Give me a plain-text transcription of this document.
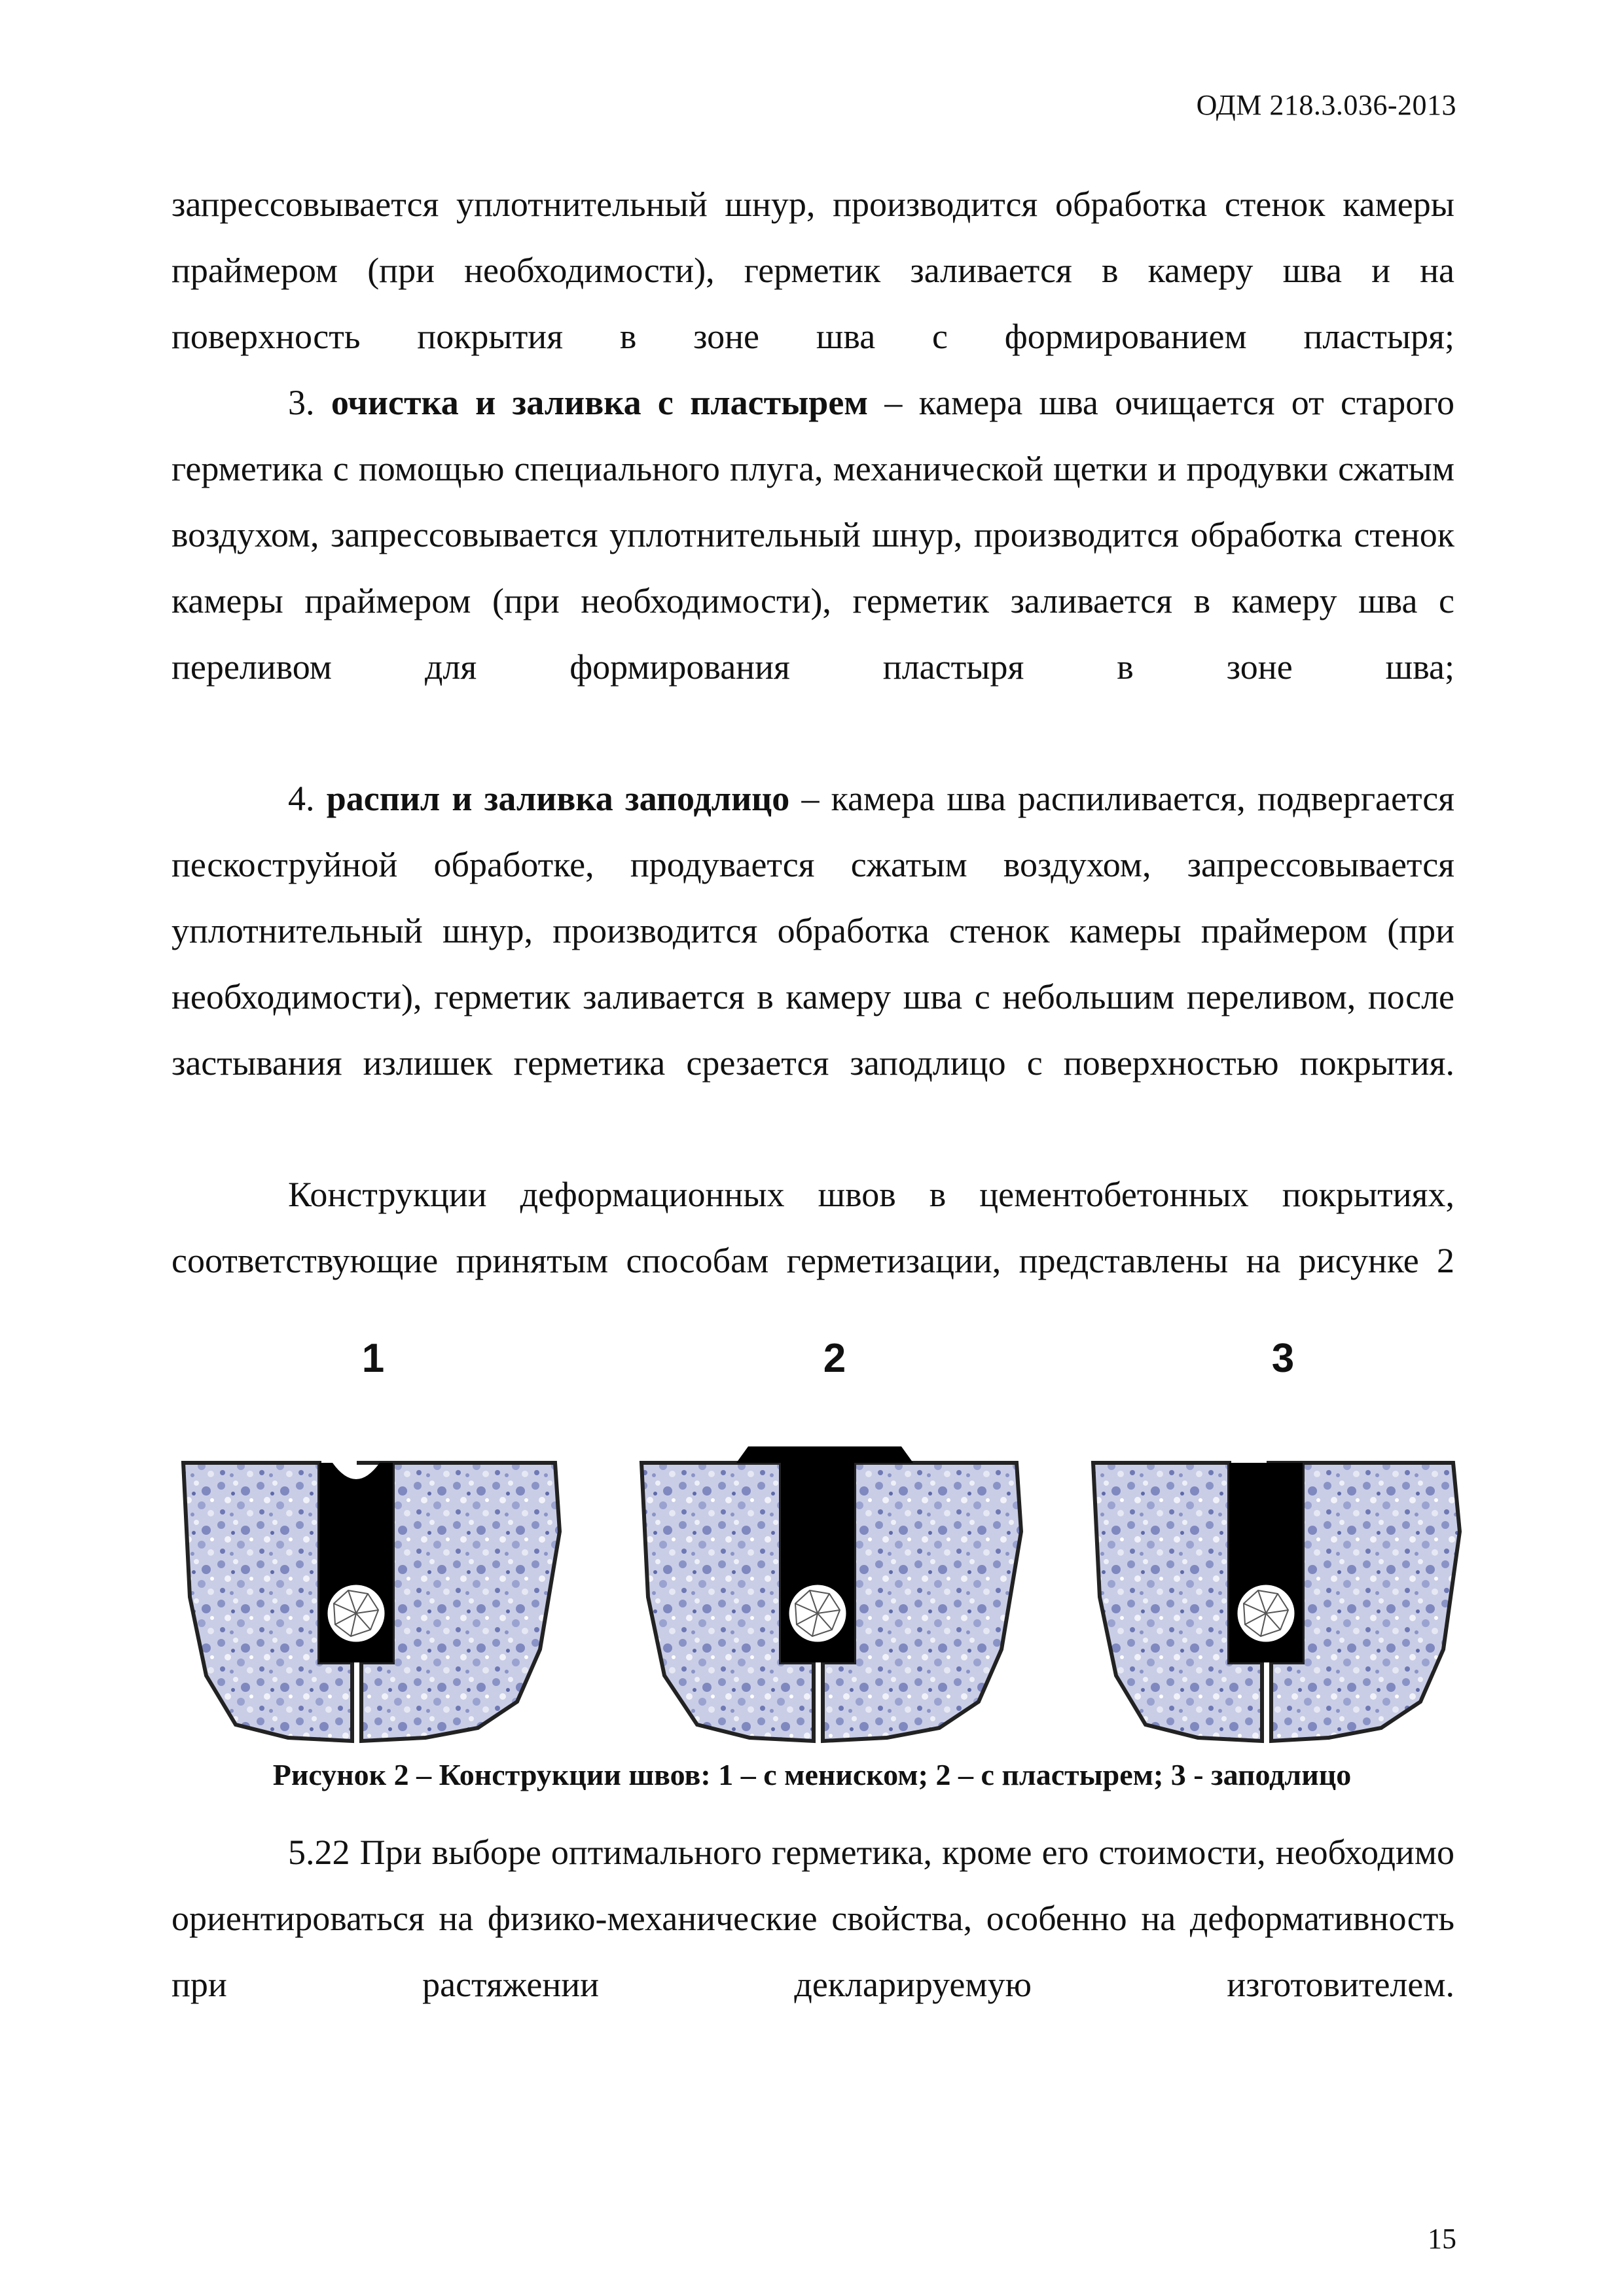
ОДМ 218.3.036-2013
запрессовывается уплотнительный шнур, производится обработка стенок камеры праймером (при необходимости), герметик заливается в камеру шва и на поверхность покрытия в зоне шва с формированием пластыря;
3. очистка и заливка с пластырем – камера шва очищается от старого герметика с помощью специального плуга, механической щетки и продувки сжатым воздухом, запрессовывается уплотнительный шнур, производится обработка стенок камеры праймером (при необходимости), герметик заливается в камеру шва с переливом для формирования пластыря в зоне шва;
4. распил и заливка заподлицо – камера шва распиливается, подвергается пескоструйной обработке, продувается сжатым воздухом, запрессовывается уплотнительный шнур, производится обработка стенок камеры праймером (при необходимости), герметик заливается в камеру шва с небольшим переливом, после застывания излишек герметика срезается заподлицо с поверхностью покрытия.
Конструкции деформационных швов в цементобетонных покрытиях, соответствующие принятым способам герметизации, представлены на рисунке 2
1	2	3
Рисунок 2 – Конструкции швов: 1 – с мениском; 2 – с пластырем; 3 - заподлицо
5.22 При выборе оптимального герметика, кроме его стоимости, необходимо ориентироваться на физико-механические свойства, особенно на деформативность при растяжении декларируемую изготовителем.
15
